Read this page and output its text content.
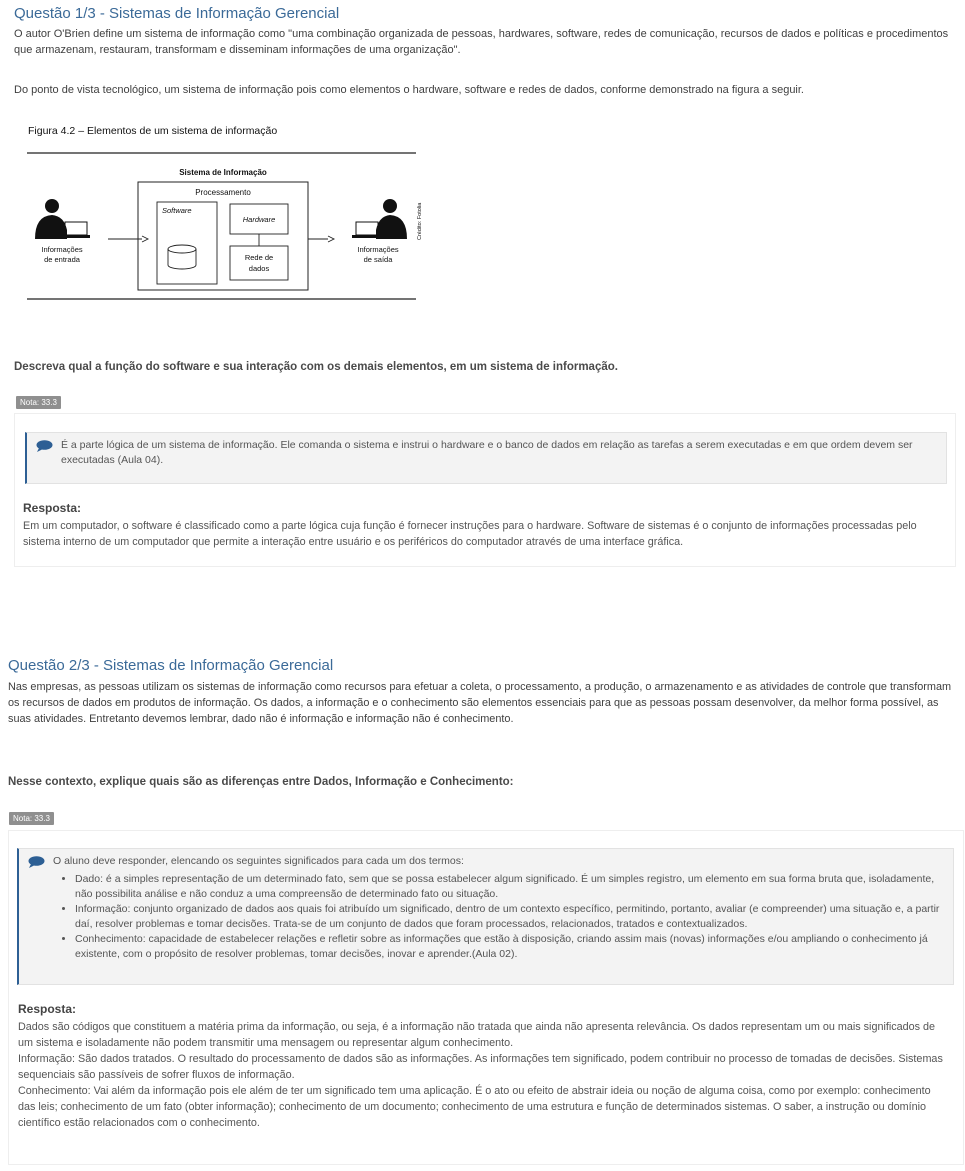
Questão 1/3 - Sistemas de Informação Gerencial
O autor O'Brien define um sistema de informação como "uma combinação organizada de pessoas, hardwares, software, redes de comunicação, recursos de dados e políticas e procedimentos que armazenam, restauram, transformam e disseminam informações de uma organização".
Do ponto de vista tecnológico, um sistema de informação pois como elementos o hardware, software e redes de dados, conforme demonstrado na figura a seguir.
Figura 4.2 – Elementos de um sistema de informação
Sistema de Informação
Processamento
Software
Hardware
Rede de
dados
Informações
de entrada
Informações
de saída
Crédito: Fotolia
Descreva qual a função do software e sua interação com os demais elementos, em um sistema de informação.
Nota: 33.3
É a parte lógica de um sistema de informação. Ele comanda o sistema e instrui o hardware e o banco de dados em relação as tarefas a serem executadas e em que ordem devem ser executadas (Aula 04).
Resposta:
Em um computador, o software é classificado como a parte lógica cuja função é fornecer instruções para o hardware. Software de sistemas é o conjunto de informações processadas pelo sistema interno de um computador que permite a interação entre usuário e os periféricos do computador através de uma interface gráfica.
Questão 2/3 - Sistemas de Informação Gerencial
Nas empresas, as pessoas utilizam os sistemas de informação como recursos para efetuar a coleta, o processamento, a produção, o armazenamento e as atividades de controle que transformam os recursos de dados em produtos de informação. Os dados, a informação e o conhecimento são elementos essenciais para que as pessoas possam desenvolver, da melhor forma possível, as suas atividades. Entretanto devemos lembrar, dado não é informação e informação não é conhecimento.
Nesse contexto, explique quais são as diferenças entre Dados, Informação e Conhecimento:
Nota: 33.3
O aluno deve responder, elencando os seguintes significados para cada um dos termos:
• Dado: é a simples representação de um determinado fato, sem que se possa estabelecer algum significado. É um simples registro, um elemento em sua forma bruta que, isoladamente, não possibilita análise e não conduz a uma compreensão de determinado fato ou situação.
• Informação: conjunto organizado de dados aos quais foi atribuído um significado, dentro de um contexto específico, permitindo, portanto, avaliar (e compreender) uma situação e, a partir daí, resolver problemas e tomar decisões. Trata-se de um conjunto de dados que foram processados, relacionados, tratados e contextualizados.
• Conhecimento: capacidade de estabelecer relações e refletir sobre as informações que estão à disposição, criando assim mais (novas) informações e/ou ampliando o conhecimento já existente, com o propósito de resolver problemas, tomar decisões, inovar e aprender.(Aula 02).
Resposta:
Dados são códigos que constituem a matéria prima da informação, ou seja, é a informação não tratada que ainda não apresenta relevância. Os dados representam um ou mais significados de um sistema e isoladamente não podem transmitir uma mensagem ou representar algum conhecimento.
Informação: São dados tratados. O resultado do processamento de dados são as informações. As informações tem significado, podem contribuir no processo de tomadas de decisões. Sistemas sequenciais são passíveis de sofrer fluxos de informação.
Conhecimento: Vai além da informação pois ele além de ter um significado tem uma aplicação. É o ato ou efeito de abstrair ideia ou noção de alguma coisa, como por exemplo: conhecimento das leis; conhecimento de um fato (obter informação); conhecimento de um documento; conhecimento de uma estrutura e função de determinados sistemas. O saber, a instrução ou domínio científico estão relacionados com o conhecimento.
